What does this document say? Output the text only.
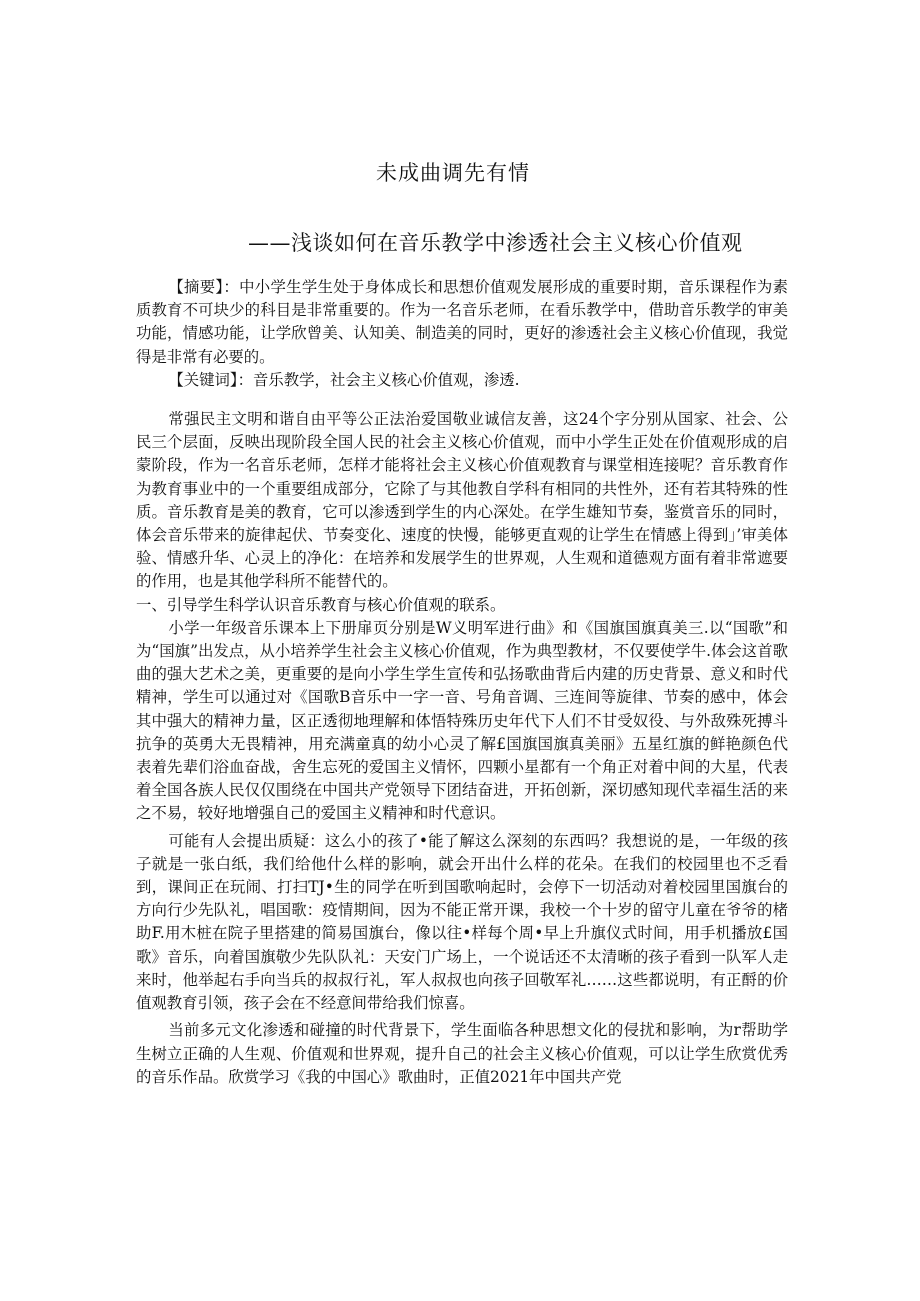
未成曲调先有情
——浅谈如何在音乐教学中渗透社会主义核心价值观

【摘要】：中小学生学生处于身体成长和思想价值观发展形成的重要时期，音乐课程作为素质教育不可块少的科目是非常重要的。作为一名音乐老师，在看乐教学中，借助音乐教学的审美功能，情感功能，让学欣曾美、认知美、制造美的同时，更好的渗透社会主义核心价值现，我觉得是非常有必要的。

【关键词】：音乐教学，社会主义核心价值观，渗透.

常强民主文明和谐自由平等公正法治爱国敬业诚信友善，这24个字分别从国家、社会、公民三个层面，反映出现阶段全国人民的社会主义核心价值观，而中小学生正处在价值观形成的启蒙阶段，作为一名音乐老师，怎样才能将社会主义核心价值观教育与课堂相连接呢？音乐教育作为教育事业中的一个重要组成部分，它除了与其他教自学科有相同的共性外，还有若其特殊的性质。音乐教育是美的教育，它可以渗透到学生的内心深处。在学生雄知节奏，鉴赏音乐的同时，体会音乐带来的旋律起伏、节奏变化、速度的快慢，能够更直观的让学生在情感上得到」’审美体验、情感升华、心灵上的净化：在培养和发展学生的世界观，人生观和道德观方面有着非常遮要的作用，也是其他学科所不能替代的。

一、引导学生科学认识音乐教育与核心价值观的联系。

小学一年级音乐课本上下册扉页分别是W义明军进行曲》和《国旗国旗真美三.以“国歌”和为“国旗”出发点，从小培养学生社会主义核心价值观，作为典型教材，不仅要使学牛.体会这首歌曲的强大艺术之美，更重要的是向小学生学生宣传和弘扬歌曲背后内建的历史背景、意义和时代精神，学生可以通过对《国歌B音乐中一字一音、号角音调、三连间等旋律、节奏的感中，体会其中强大的精神力量，区正透彻地理解和体悟特殊历史年代下人们不甘受奴役、与外敌殊死搏斗抗争的英勇大无畏精神，用充满童真的幼小心灵了解£国旗国旗真美丽》五星红旗的鲜艳颜色代表着先辈们浴血奋战，舍生忘死的爱国主义情怀，四颗小星都有一个角正对着中间的大星，代表着全国各族人民仅仅围绕在中国共产党领导下团结奋进，开拓创新，深切感知现代幸福生活的来之不易，较好地增强自己的爱国主义精神和时代意识。

可能有人会提出质疑：这么小的孩了•能了解这么深刻的东西吗？我想说的是，一年级的孩子就是一张白纸，我们给他什么样的影响，就会开出什么样的花朵。在我们的校园里也不乏看到，课间正在玩闹、打扫TJ•生的同学在听到国歌响起时，会停下一切活动对着校园里国旗台的方向行少先队礼，唱国歌：疫情期间，因为不能正常开课，我校一个十岁的留守儿童在爷爷的楮助F.用木桩在院子里搭建的简易国旗台，像以往•样每个周•早上升旗仪式时间，用手机播放£国歌》音乐，向着国旗敬少先队队礼：天安门广场上，一个说话还不太清晰的孩子看到一队军人走来时，他举起右手向当兵的叔叔行礼，军人叔叔也向孩子回敬军礼……这些都说明，有正酹的价值观教育引领，孩子会在不经意间带给我们惊喜。

当前多元文化渗透和碰撞的时代背景下，学生面临各种思想文化的侵扰和影响，为r帮助学生树立正确的人生观、价值观和世界观，提升自己的社会主义核心价值观，可以让学生欣赏优秀的音乐作品。欣赏学习《我的中国心》歌曲时，正值2021年中国共产党
